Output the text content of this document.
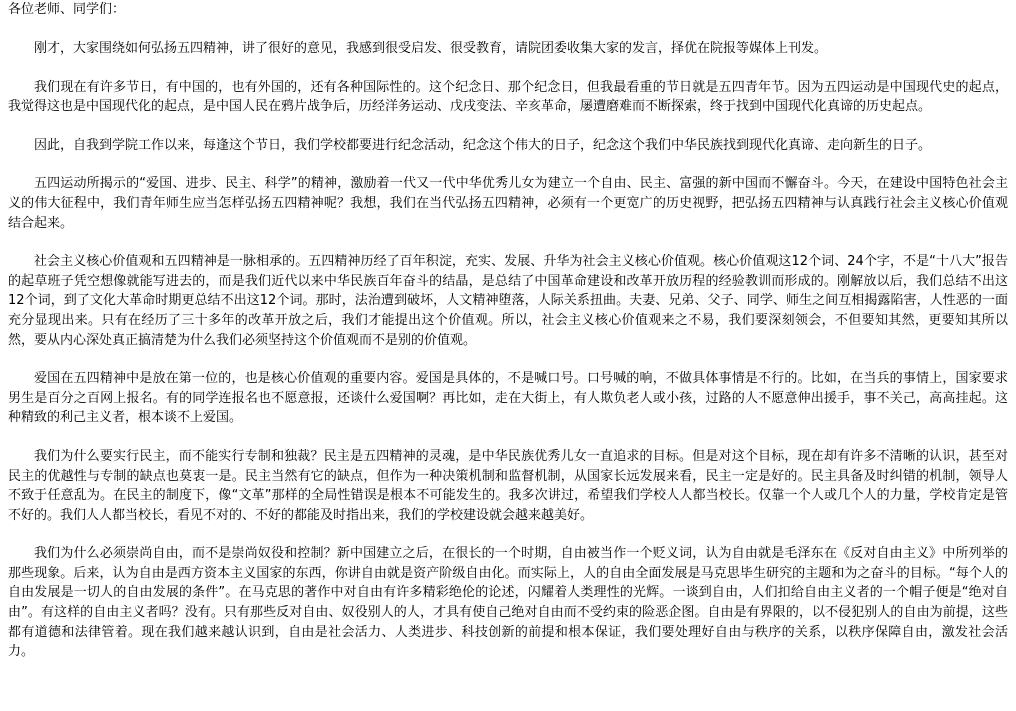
各位老师、同学们：

刚才，大家围绕如何弘扬五四精神，讲了很好的意见，我感到很受启发、很受教育，请院团委收集大家的发言，择优在院报等媒体上刊发。

我们现在有许多节日，有中国的，也有外国的，还有各种国际性的。这个纪念日、那个纪念日，但我最看重的节日就是五四青年节。因为五四运动是中国现代史的起点，我觉得这也是中国现代化的起点，是中国人民在鸦片战争后，历经洋务运动、戊戌变法、辛亥革命，屡遭磨难而不断探索，终于找到中国现代化真谛的历史起点。

因此，自我到学院工作以来，每逢这个节日，我们学校都要进行纪念活动，纪念这个伟大的日子，纪念这个我们中华民族找到现代化真谛、走向新生的日子。

五四运动所揭示的“爱国、进步、民主、科学”的精神，激励着一代又一代中华优秀儿女为建立一个自由、民主、富强的新中国而不懈奋斗。今天，在建设中国特色社会主义的伟大征程中，我们青年师生应当怎样弘扬五四精神呢？我想，我们在当代弘扬五四精神，必须有一个更宽广的历史视野，把弘扬五四精神与认真践行社会主义核心价值观结合起来。

社会主义核心价值观和五四精神是一脉相承的。五四精神历经了百年积淀，充实、发展、升华为社会主义核心价值观。核心价值观这12个词、24个字，不是“十八大”报告的起草班子凭空想像就能写进去的，而是我们近代以来中华民族百年奋斗的结晶，是总结了中国革命建设和改革开放历程的经验教训而形成的。刚解放以后，我们总结不出这12个词，到了文化大革命时期更总结不出这12个词。那时，法治遭到破坏，人文精神堕落，人际关系扭曲。夫妻、兄弟、父子、同学、师生之间互相揭露陷害，人性恶的一面充分显现出来。只有在经历了三十多年的改革开放之后，我们才能提出这个价值观。所以，社会主义核心价值观来之不易，我们要深刻领会，不但要知其然，更要知其所以然，要从内心深处真正搞清楚为什么我们必须坚持这个价值观而不是别的价值观。

爱国在五四精神中是放在第一位的，也是核心价值观的重要内容。爱国是具体的，不是喊口号。口号喊的响，不做具体事情是不行的。比如，在当兵的事情上，国家要求男生是百分之百网上报名。有的同学连报名也不愿意报，还谈什么爱国啊？再比如，走在大街上，有人欺负老人或小孩，过路的人不愿意伸出援手，事不关己，高高挂起。这种精致的利己主义者，根本谈不上爱国。

我们为什么要实行民主，而不能实行专制和独裁？民主是五四精神的灵魂，是中华民族优秀儿女一直追求的目标。但是对这个目标，现在却有许多不清晰的认识，甚至对民主的优越性与专制的缺点也莫衷一是。民主当然有它的缺点，但作为一种决策机制和监督机制，从国家长远发展来看，民主一定是好的。民主具备及时纠错的机制，领导人不致于任意乱为。在民主的制度下，像“文革”那样的全局性错误是根本不可能发生的。我多次讲过，希望我们学校人人都当校长。仅靠一个人或几个人的力量，学校肯定是管不好的。我们人人都当校长，看见不对的、不好的都能及时指出来，我们的学校建设就会越来越美好。

我们为什么必须崇尚自由，而不是崇尚奴役和控制？新中国建立之后，在很长的一个时期，自由被当作一个贬义词，认为自由就是毛泽东在《反对自由主义》中所列举的那些现象。后来，认为自由是西方资本主义国家的东西，你讲自由就是资产阶级自由化。而实际上，人的自由全面发展是马克思毕生研究的主题和为之奋斗的目标。“每个人的自由发展是一切人的自由发展的条件”。在马克思的著作中对自由有许多精彩绝伦的论述，闪耀着人类理性的光辉。一谈到自由，人们扣给自由主义者的一个帽子便是“绝对自由”。有这样的自由主义者吗？没有。只有那些反对自由、奴役别人的人，才具有使自己绝对自由而不受约束的险恶企图。自由是有界限的，以不侵犯别人的自由为前提，这些都有道德和法律管着。现在我们越来越认识到，自由是社会活力、人类进步、科技创新的前提和根本保证，我们要处理好自由与秩序的关系，以秩序保障自由，激发社会活力。
